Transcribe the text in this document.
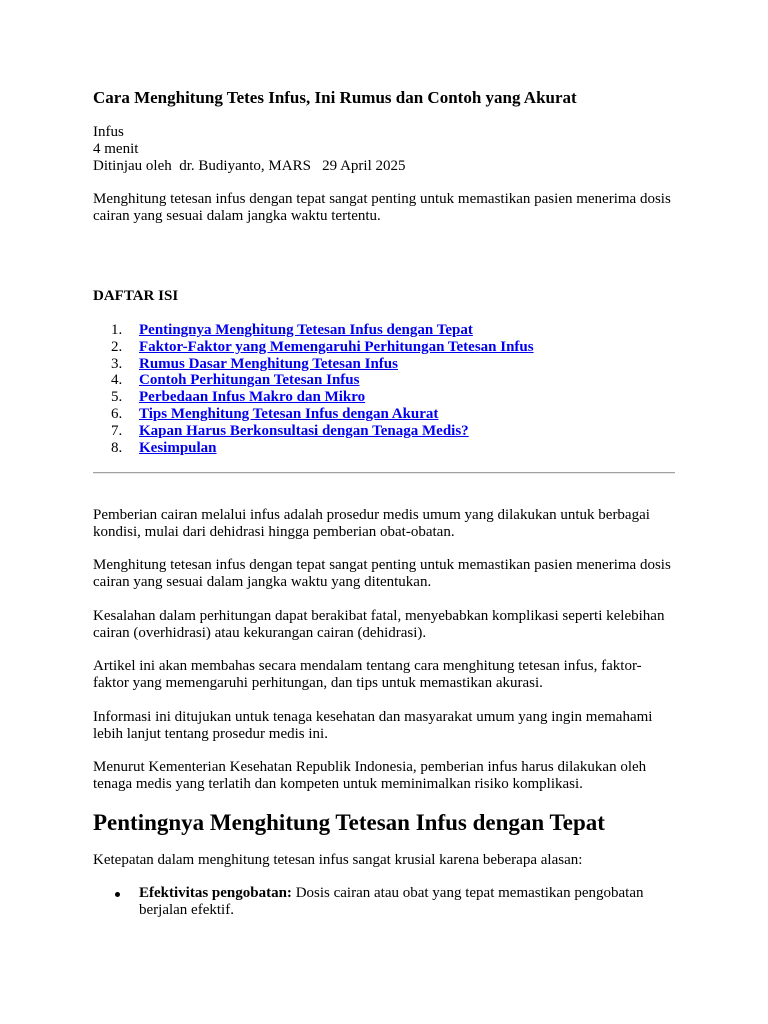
Cara Menghitung Tetes Infus, Ini Rumus dan Contoh yang Akurat
Infus
4 menit
Ditinjau oleh  dr. Budiyanto, MARS   29 April 2025

Menghitung tetesan infus dengan tepat sangat penting untuk memastikan pasien menerima dosis cairan yang sesuai dalam jangka waktu tertentu.

DAFTAR ISI

1. Pentingnya Menghitung Tetesan Infus dengan Tepat
2. Faktor-Faktor yang Memengaruhi Perhitungan Tetesan Infus
3. Rumus Dasar Menghitung Tetesan Infus
4. Contoh Perhitungan Tetesan Infus
5. Perbedaan Infus Makro dan Mikro
6. Tips Menghitung Tetesan Infus dengan Akurat
7. Kapan Harus Berkonsultasi dengan Tenaga Medis?
8. Kesimpulan

Pemberian cairan melalui infus adalah prosedur medis umum yang dilakukan untuk berbagai kondisi, mulai dari dehidrasi hingga pemberian obat-obatan.

Menghitung tetesan infus dengan tepat sangat penting untuk memastikan pasien menerima dosis cairan yang sesuai dalam jangka waktu yang ditentukan.

Kesalahan dalam perhitungan dapat berakibat fatal, menyebabkan komplikasi seperti kelebihan cairan (overhidrasi) atau kekurangan cairan (dehidrasi).

Artikel ini akan membahas secara mendalam tentang cara menghitung tetesan infus, faktor-faktor yang memengaruhi perhitungan, dan tips untuk memastikan akurasi.

Informasi ini ditujukan untuk tenaga kesehatan dan masyarakat umum yang ingin memahami lebih lanjut tentang prosedur medis ini.

Menurut Kementerian Kesehatan Republik Indonesia, pemberian infus harus dilakukan oleh tenaga medis yang terlatih dan kompeten untuk meminimalkan risiko komplikasi.

Pentingnya Menghitung Tetesan Infus dengan Tepat

Ketepatan dalam menghitung tetesan infus sangat krusial karena beberapa alasan:

Efektivitas pengobatan: Dosis cairan atau obat yang tepat memastikan pengobatan berjalan efektif.
